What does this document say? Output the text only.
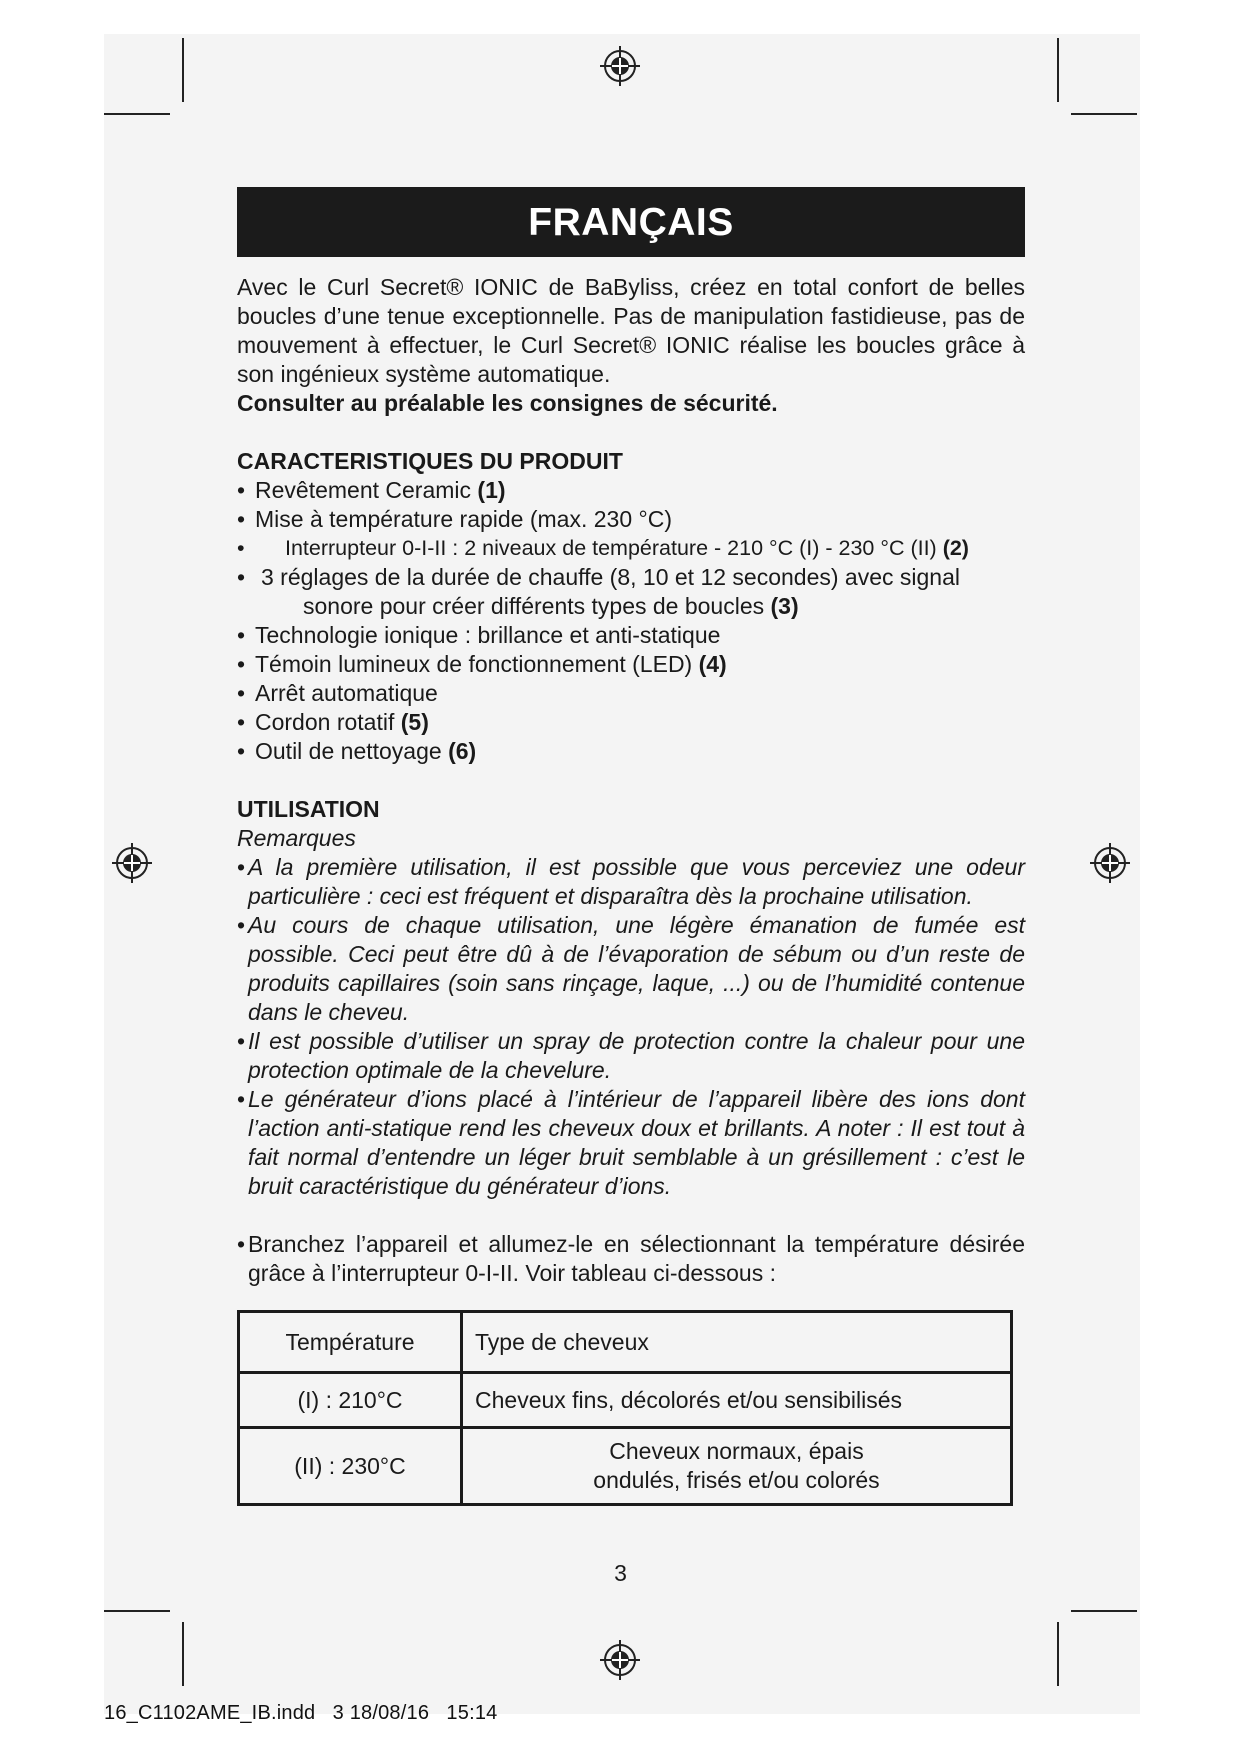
FRANÇAIS

Avec le Curl Secret® IONIC de BaByliss, créez en total confort de belles boucles d’une tenue exceptionnelle. Pas de manipulation fastidieuse, pas de mouvement à effectuer, le Curl Secret® IONIC réalise les boucles grâce à son ingénieux système automatique.
Consulter au préalable les consignes de sécurité.

CARACTERISTIQUES DU PRODUIT
• Revêtement Ceramic (1)
• Mise à température rapide (max. 230 °C)
• Interrupteur 0-I-II : 2 niveaux de température - 210 °C (I) - 230 °C (II) (2)
• 3 réglages de la durée de chauffe (8, 10 et 12 secondes) avec signal
sonore pour créer différents types de boucles (3)
• Technologie ionique : brillance et anti-statique
• Témoin lumineux de fonctionnement (LED) (4)
• Arrêt automatique
• Cordon rotatif (5)
• Outil de nettoyage (6)
UTILISATION
Remarques
• A la première utilisation, il est possible que vous perceviez une odeur particulière : ceci est fréquent et disparaîtra dès la prochaine utilisation.
• Au cours de chaque utilisation, une légère émanation de fumée est possible. Ceci peut être dû à de l’évaporation de sébum ou d’un reste de produits capillaires (soin sans rinçage, laque, ...) ou de l’humidité contenue dans le cheveu.
• Il est possible d’utiliser un spray de protection contre la chaleur pour une protection optimale de la chevelure.
• Le générateur d’ions placé à l’intérieur de l’appareil libère des ions dont l’action anti-statique rend les cheveux doux et brillants. A noter : Il est tout à fait normal d’entendre un léger bruit semblable à un grésillement : c’est le bruit caractéristique du générateur d’ions.
• Branchez l’appareil et allumez-le en sélectionnant la température désirée grâce à l’interrupteur 0-I-II. Voir tableau ci-dessous :
Température	Type de cheveux
(I) : 210°C	Cheveux fins, décolorés et/ou sensibilisés
(II) : 230°C	Cheveux normaux, épais ondulés, frisés et/ou colorés
3
16_C1102AME_IB.indd   3 18/08/16   15:14
